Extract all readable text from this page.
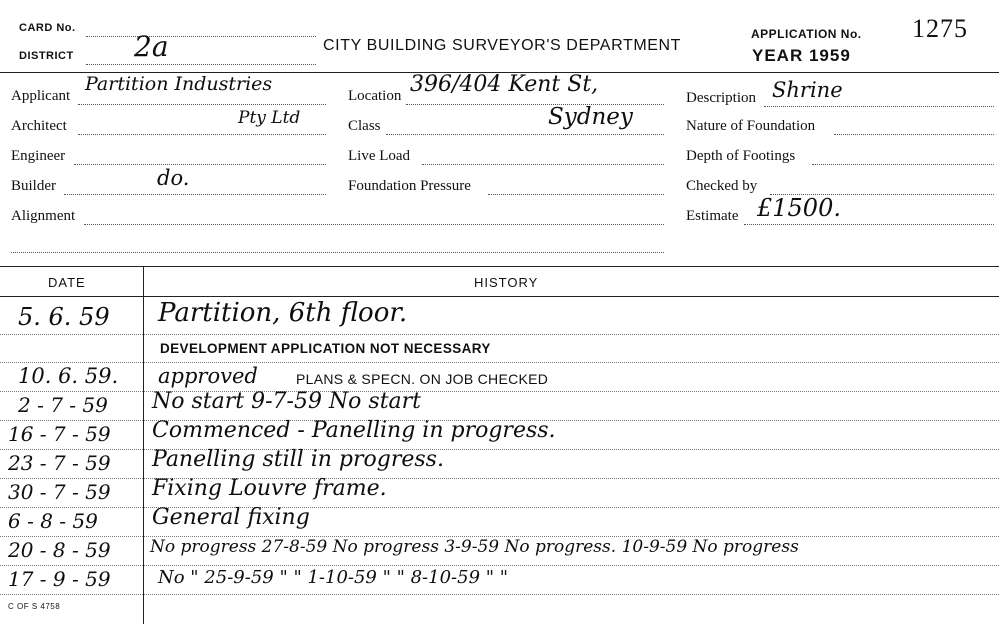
CARD No.
DISTRICT 2a	CITY BUILDING SURVEYOR'S DEPARTMENT
APPLICATION No. 1275
YEAR 1959
Applicant
Partition Industries
Architect	Pty Ltd
Engineer
Builder	do.
Alignment
Location 396/404 Kent St,
Class	Sydney
Live Load
Foundation Pressure
Description Shrine
Nature of Foundation
Depth of Footings
Checked by
Estimate £1500.
DATE	HISTORY
5. 6. 59 Partition, 6th floor.
DEVELOPMENT APPLICATION NOT NECESSARY
10. 6. 59. approved	PLANS & SPECN. ON JOB CHECKED
2 - 7 - 59 No start 9-7-59 No start
16 - 7 - 59 Commenced - Panelling in progress.
23 - 7 - 59 Panelling still in progress.
30 - 7 - 59 Fixing Louvre frame.
6 - 8 - 59 General fixing
20 - 8 - 59 No progress 27-8-59 No progress 3-9-59 No progress. 10-9-59 No progress
17 - 9 - 59	No " 25-9-59 " " 1-10-59 " " 8-10-59 " "
C OF S 4758
